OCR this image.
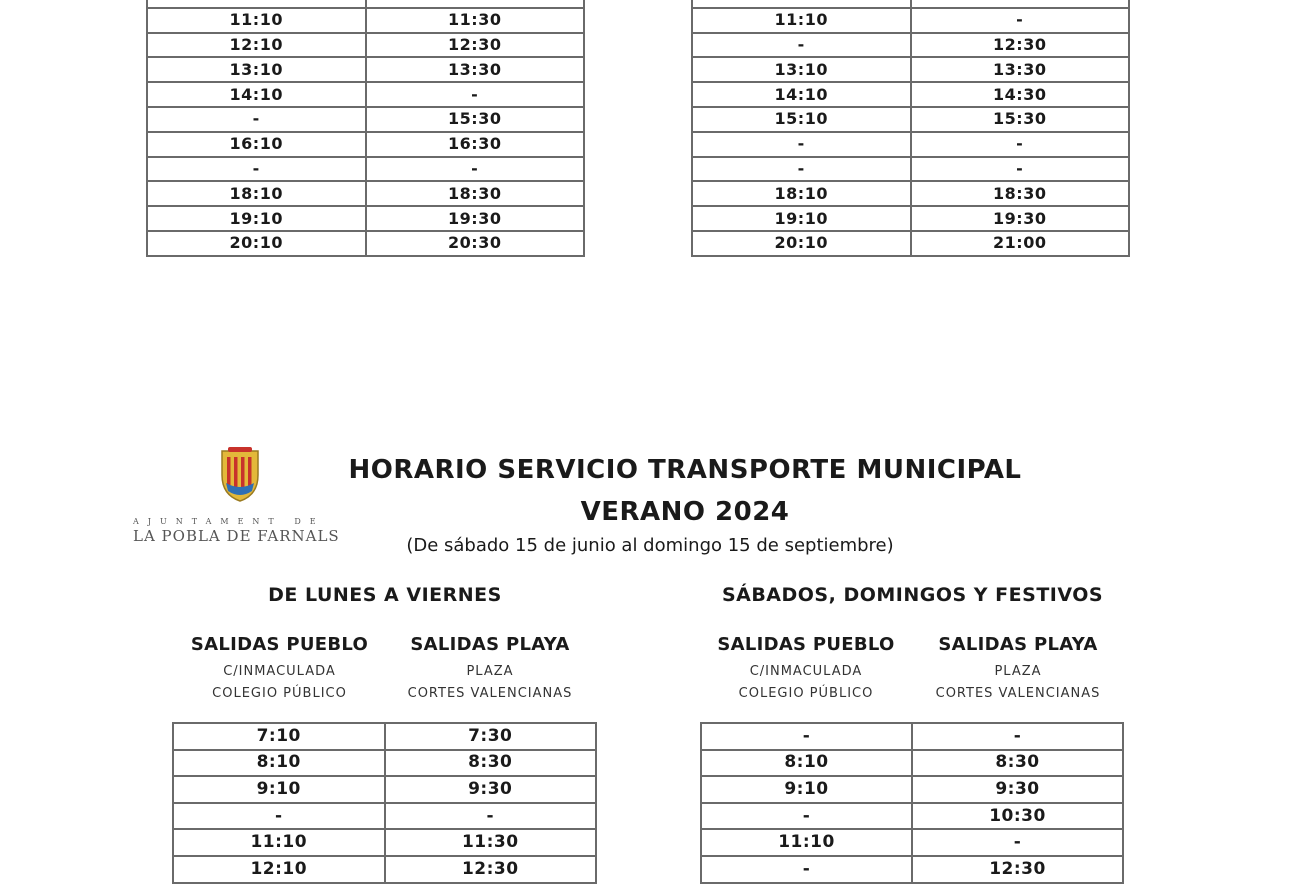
11:10	11:30
12:10	12:30
13:10	13:30
14:10	-
-	15:30
16:10	16:30
-	-
18:10	18:30
19:10	19:30
20:10	20:30

11:10	-
-	12:30
13:10	13:30
14:10	14:30
15:10	15:30
-	-
-	-
18:10	18:30
19:10	19:30
20:10	21:00
AJUNTAMENT DE
LA POBLA DE FARNALS
HORARIO SERVICIO TRANSPORTE MUNICIPAL
VERANO 2024
(De sábado 15 de junio al domingo 15 de septiembre)
DE LUNES A VIERNES	SÁBADOS, DOMINGOS Y FESTIVOS
SALIDAS PUEBLO
C/INMACULADA
COLEGIO PÚBLICO
SALIDAS PLAYA
PLAZA
CORTES VALENCIANAS
SALIDAS PUEBLO
C/INMACULADA
COLEGIO PÚBLICO
SALIDAS PLAYA
PLAZA
CORTES VALENCIANAS
7:10	7:30
8:10	8:30
9:10	9:30
-	-
11:10	11:30
12:10	12:30
-	-
8:10	8:30
9:10	9:30
-	10:30
11:10	-
-	12:30
